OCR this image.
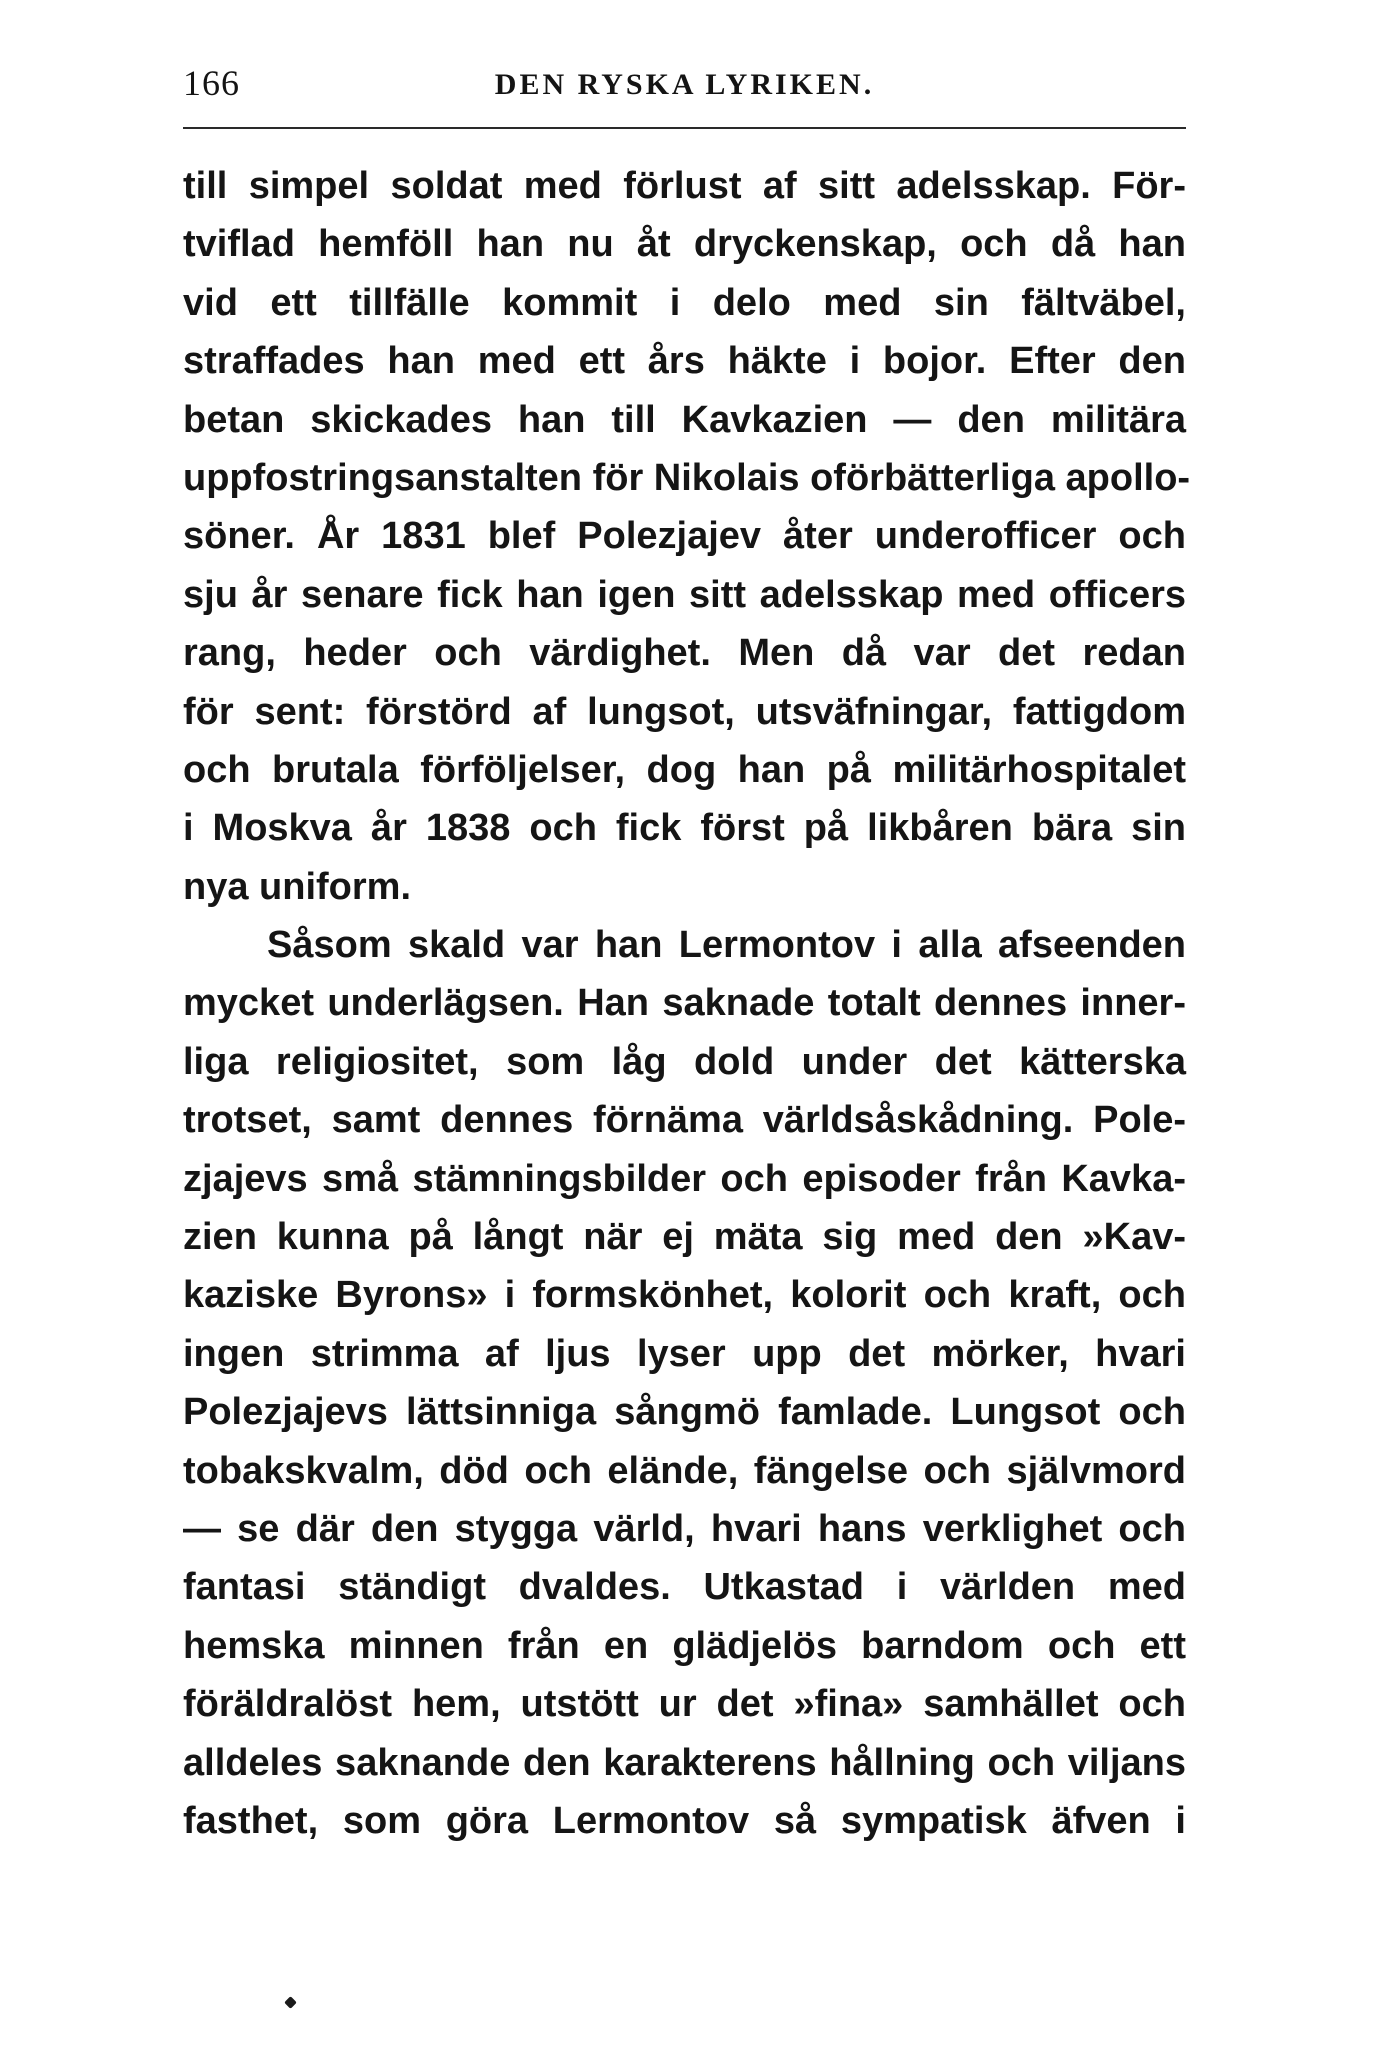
166	DEN RYSKA LYRIKEN.
till simpel soldat med förlust af sitt adelsskap. För-
tviflad hemföll han nu åt dryckenskap, och då han
vid ett tillfälle kommit i delo med sin fältväbel,
straffades han med ett års häkte i bojor. Efter den
betan skickades han till Kavkazien — den militära
uppfostringsanstalten för Nikolais oförbätterliga apollo-
söner. År 1831 blef Polezjajev åter underofficer och
sju år senare fick han igen sitt adelsskap med officers
rang, heder och värdighet. Men då var det redan
för sent: förstörd af lungsot, utsväfningar, fattigdom
och brutala förföljelser, dog han på militärhospitalet
i Moskva år 1838 och fick först på likbåren bära sin
nya uniform.
Såsom skald var han Lermontov i alla afseenden
mycket underlägsen. Han saknade totalt dennes inner-
liga religiositet, som låg dold under det kätterska
trotset, samt dennes förnäma världsåskådning. Pole-
zjajevs små stämningsbilder och episoder från Kavka-
zien kunna på långt när ej mäta sig med den »Kav-
kaziske Byrons» i formskönhet, kolorit och kraft, och
ingen strimma af ljus lyser upp det mörker, hvari
Polezjajevs lättsinniga sångmö famlade. Lungsot och
tobakskvalm, död och elände, fängelse och självmord
— se där den stygga värld, hvari hans verklighet och
fantasi ständigt dvaldes. Utkastad i världen med
hemska minnen från en glädjelös barndom och ett
föräldralöst hem, utstött ur det »fina» samhället och
alldeles saknande den karakterens hållning och viljans
fasthet, som göra Lermontov så sympatisk äfven i
